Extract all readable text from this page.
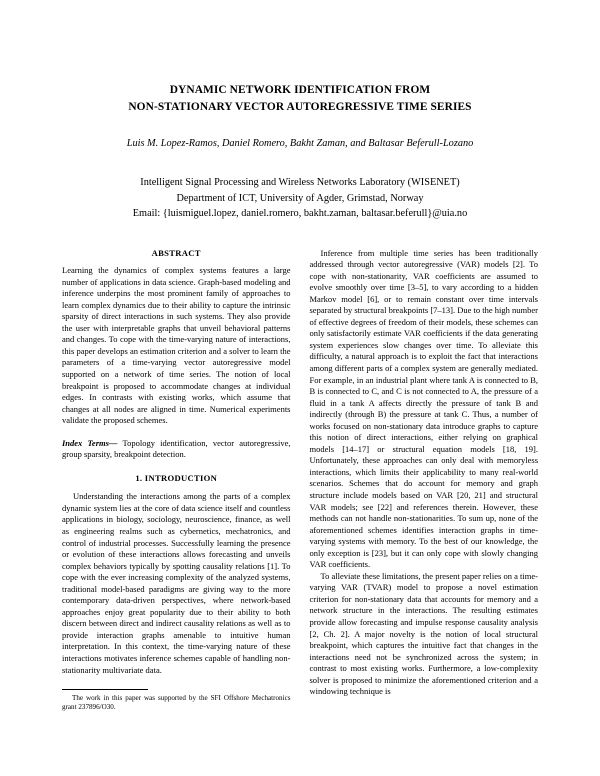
DYNAMIC NETWORK IDENTIFICATION FROM
NON-STATIONARY VECTOR AUTOREGRESSIVE TIME SERIES
Luis M. Lopez-Ramos, Daniel Romero, Bakht Zaman, and Baltasar Beferull-Lozano
Intelligent Signal Processing and Wireless Networks Laboratory (WISENET)
Department of ICT, University of Agder, Grimstad, Norway
Email: {luismiguel.lopez, daniel.romero, bakht.zaman, baltasar.beferull}@uia.no
ABSTRACT

Learning the dynamics of complex systems features a large number of applications in data science. Graph-based modeling and inference underpins the most prominent family of approaches to learn complex dynamics due to their ability to capture the intrinsic sparsity of direct interactions in such systems. They also provide the user with interpretable graphs that unveil behavioral patterns and changes. To cope with the time-varying nature of interactions, this paper develops an estimation criterion and a solver to learn the parameters of a time-varying vector autoregressive model supported on a network of time series. The notion of local breakpoint is proposed to accommodate changes at individual edges. In contrasts with existing works, which assume that changes at all nodes are aligned in time. Numerical experiments validate the proposed schemes.

Index Terms— Topology identification, vector autoregressive, group sparsity, breakpoint detection.

1. INTRODUCTION

Understanding the interactions among the parts of a complex dynamic system lies at the core of data science itself and countless applications in biology, sociology, neuroscience, finance, as well as engineering realms such as cybernetics, mechatronics, and control of industrial processes. Successfully learning the presence or evolution of these interactions allows forecasting and unveils complex behaviors typically by spotting causality relations [1]. To cope with the ever increasing complexity of the analyzed systems, traditional model-based paradigms are giving way to the more contemporary data-driven perspectives, where network-based approaches enjoy great popularity due to their ability to both discern between direct and indirect causality relations as well as to provide interaction graphs amenable to intuitive human interpretation. In this context, the time-varying nature of these interactions motivates inference schemes capable of handling non-stationarity multivariate data.

The work in this paper was supported by the SFI Offshore Mechatronics grant 237896/O30.

Inference from multiple time series has been traditionally addressed through vector autoregressive (VAR) models [2]. To cope with non-stationarity, VAR coefficients are assumed to evolve smoothly over time [3–5], to vary according to a hidden Markov model [6], or to remain constant over time intervals separated by structural breakpoints [7–13]. Due to the high number of effective degrees of freedom of their models, these schemes can only satisfactorily estimate VAR coefficients if the data generating system experiences slow changes over time. To alleviate this difficulty, a natural approach is to exploit the fact that interactions among different parts of a complex system are generally mediated. For example, in an industrial plant where tank A is connected to B, B is connected to C, and C is not connected to A, the pressure of a fluid in a tank A affects directly the pressure of tank B and indirectly (through B) the pressure at tank C. Thus, a number of works focused on non-stationary data introduce graphs to capture this notion of direct interactions, either relying on graphical models [14–17] or structural equation models [18, 19]. Unfortunately, these approaches can only deal with memoryless interactions, which limits their applicability to many real-world scenarios. Schemes that do account for memory and graph structure include models based on VAR [20, 21] and structural VAR models; see [22] and references therein. However, these methods can not handle non-stationarities. To sum up, none of the aforementioned schemes identifies interaction graphs in time-varying systems with memory. To the best of our knowledge, the only exception is [23], but it can only cope with slowly changing VAR coefficients.

To alleviate these limitations, the present paper relies on a time-varying VAR (TVAR) model to propose a novel estimation criterion for non-stationary data that accounts for memory and a network structure in the interactions. The resulting estimates provide allow forecasting and impulse response causality analysis [2, Ch. 2]. A major novelty is the notion of local structural breakpoint, which captures the intuitive fact that changes in the interactions need not be synchronized across the system; in contrast to most existing works. Furthermore, a low-complexity solver is proposed to minimize the aforementioned criterion and a windowing technique is
